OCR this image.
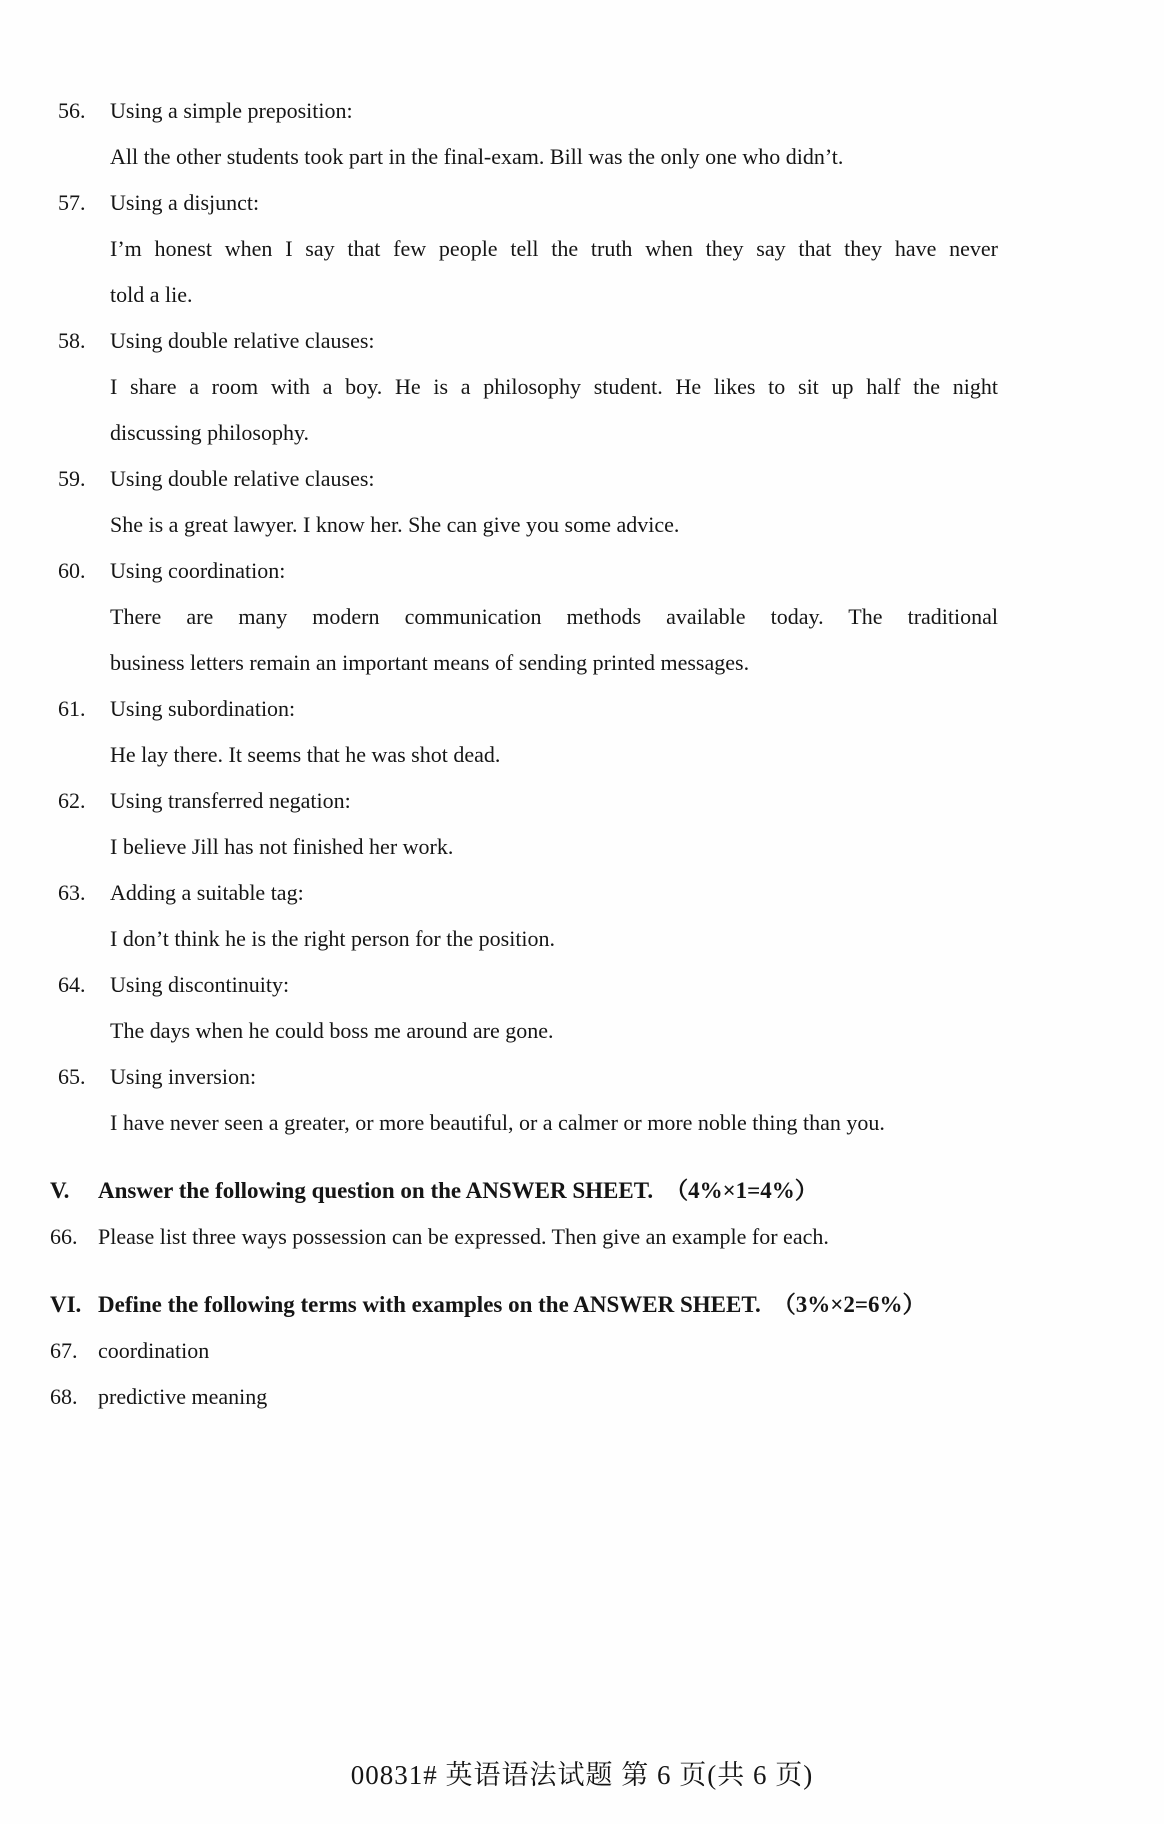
56.	Using a simple preposition:
All the other students took part in the final-exam. Bill was the only one who didn’t.
57.	Using a disjunct:
I’m honest when I say that few people tell the truth when they say that they have never
told a lie.
58.	Using double relative clauses:
I share a room with a boy. He is a philosophy student. He likes to sit up half the night
discussing philosophy.
59.	Using double relative clauses:
She is a great lawyer. I know her. She can give you some advice.
60.	Using coordination:
There are many modern communication methods available today. The traditional
business letters remain an important means of sending printed messages.
61.	Using subordination:
He lay there. It seems that he was shot dead.
62.	Using transferred negation:
I believe Jill has not finished her work.
63.	Adding a suitable tag:
I don’t think he is the right person for the position.
64.	Using discontinuity:
The days when he could boss me around are gone.
65.	Using inversion:
I have never seen a greater, or more beautiful, or a calmer or more noble thing than you.
V.	Answer the following question on the ANSWER SHEET. （4%×1=4%）
66. Please list three ways possession can be expressed. Then give an example for each.
VI. Define the following terms with examples on the ANSWER SHEET. （3%×2=6%）
67. coordination
68. predictive meaning
00831# 英语语法试题 第 6 页(共 6 页)
